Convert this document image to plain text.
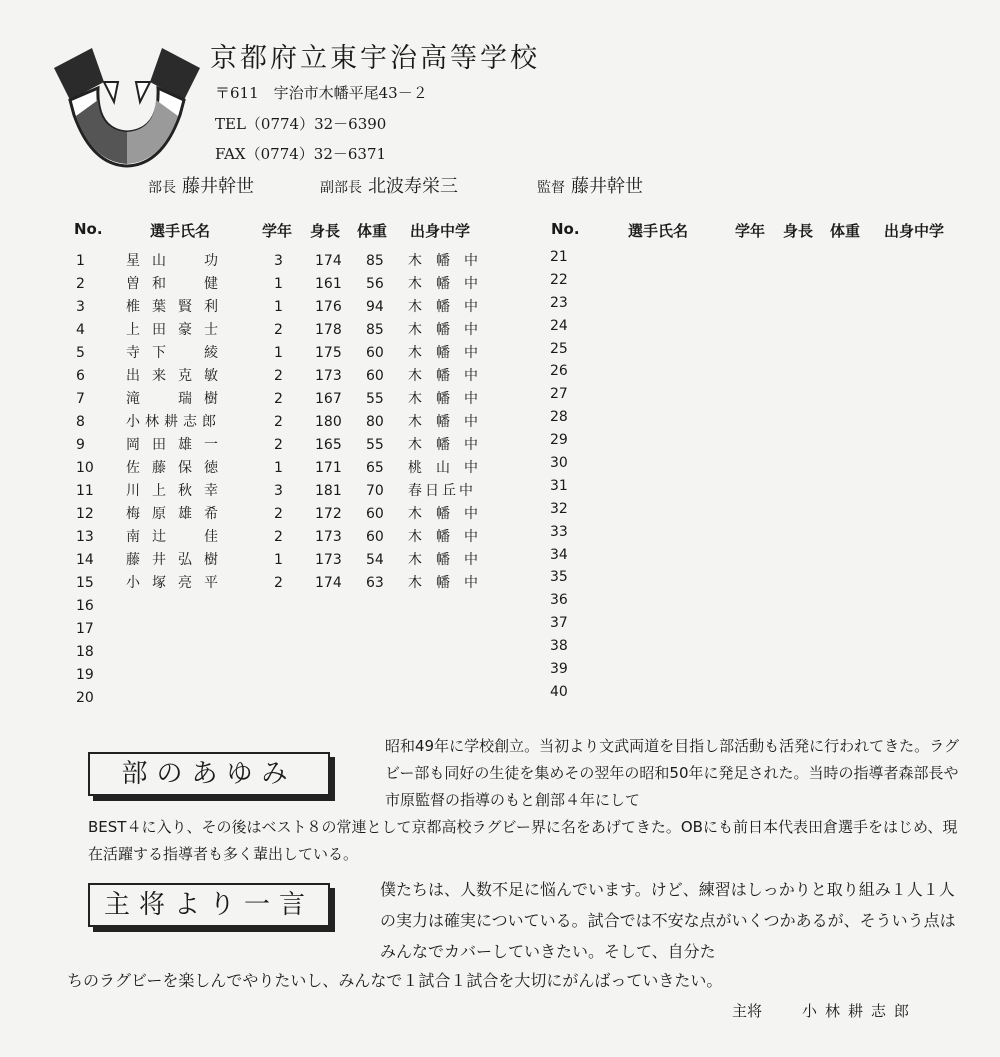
京都府立東宇治高等学校
〒611　宇治市木幡平尾43－２
TEL（0774）32－6390
FAX（0774）32－6371
部長 藤井幹世	副部長 北波寿栄三	監督 藤井幹世
No.	選手氏名	学年 身長 体重 出身中学	No.	選手氏名	学年 身長 体重 出身中学
1	星山　功	3	174	85	木幡中
2	曽和　健	1	161	56	木幡中
3	椎葉賢利	1	176	94	木幡中
4	上田豪士	2	178	85	木幡中
5	寺下　綾	1	175	60	木幡中
6	出来克敏	2	173	60	木幡中
7	滝　瑞樹	2	167	55	木幡中
8	小林耕志郎	2	180	80	木幡中
9	岡田雄一	2	165	55	木幡中
10	佐藤保徳	1	171	65	桃山中
11	川上秋幸	3	181	70	春日丘中
12	梅原雄希	2	172	60	木幡中
13	南辻　佳	2	173	60	木幡中
14	藤井弘樹	1	173	54	木幡中
15	小塚亮平	2	174	63	木幡中
16
17
18
19
20
21
22
23
24
25
26
27
28
29
30
31
32
33
34
35
36
37
38
39
40
部のあゆみ
昭和49年に学校創立。当初より文武両道を目指し部活動も活発に行われてきた。ラグビー部も同好の生徒を集めその翌年の昭和50年に発足された。当時の指導者森部長や市原監督の指導のもと創部４年にして
BEST４に入り、その後はベスト８の常連として京都高校ラグビー界に名をあげてきた。OBにも前日本代表田倉選手をはじめ、現在活躍する指導者も多く輩出している。
主将より一言
僕たちは、人数不足に悩んでいます。けど、練習はしっかりと取り組み１人１人の実力は確実についている。試合では不安な点がいくつかあるが、そういう点はみんなでカバーしていきたい。そして、自分た
ちのラグビーを楽しんでやりたいし、みんなで１試合１試合を大切にがんばっていきたい。
主将	小林耕志郎
